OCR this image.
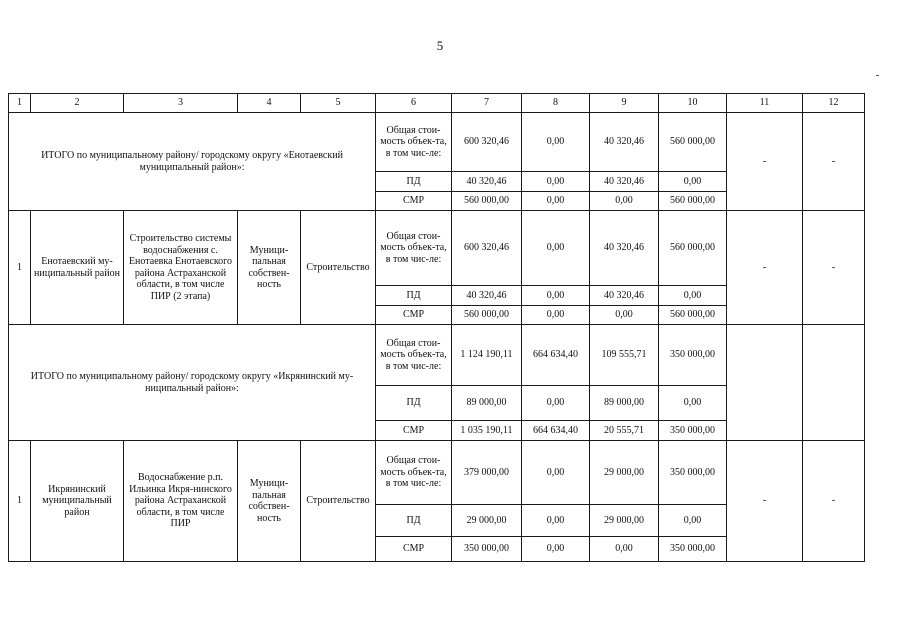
5
1	2	3	4	5	6	7	8	9	10	11	12
ИТОГО по муниципальному району/ городскому округу «Енотаевский муниципальный район»:					Общая стои-мость объек-та, в том чис-ле:	600 320,46	0,00	40 320,46	560 000,00	-	-
					ПД	40 320,46	0,00	40 320,46	0,00		
					СМР	560 000,00	0,00	0,00	560 000,00		
1	Енотаевский му-ниципальный район	Строительство системы водоснабжения с. Енотаевка Енотаевского района Астраханской области, в том числе ПИР (2 этапа)	Муници-пальная собствен-ность	Строительство	Общая стои-мость объек-та, в том чис-ле:	600 320,46	0,00	40 320,46	560 000,00	-	-
					ПД	40 320,46	0,00	40 320,46	0,00		
					СМР	560 000,00	0,00	0,00	560 000,00		
ИТОГО по муниципальному району/ городскому округу «Икрянинский му-ниципальный район»:					Общая стои-мость объек-та, в том чис-ле:	1 124 190,11	664 634,40	109 555,71	350 000,00		
					ПД	89 000,00	0,00	89 000,00	0,00		
					СМР	1 035 190,11	664 634,40	20 555,71	350 000,00		
1	Икрянинский муниципальный район	Водоснабжение р.п. Ильинка Икря-нинского района Астраханской области, в том числе ПИР	Муници-пальная собствен-ность	Строительство	Общая стои-мость объек-та, в том чис-ле:	379 000,00	0,00	29 000,00	350 000,00	-	-
					ПД	29 000,00	0,00	29 000,00	0,00		
					СМР	350 000,00	0,00	0,00	350 000,00		
